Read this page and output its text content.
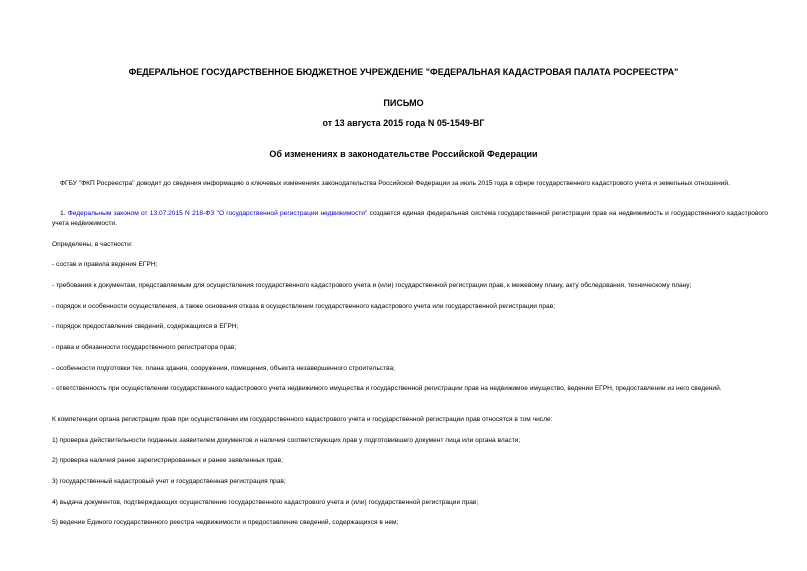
ФЕДЕРАЛЬНОЕ ГОСУДАРСТВЕННОЕ БЮДЖЕТНОЕ УЧРЕЖДЕНИЕ "ФЕДЕРАЛЬНАЯ КАДАСТРОВАЯ ПАЛАТА РОСРЕЕСТРА"
ПИСЬМО
от 13 августа 2015 года N 05-1549-ВГ
Об изменениях в законодательстве Российской Федерации
ФГБУ "ФКП Росреестра" доводит до сведения информацию о ключевых изменениях законодательства Российской Федерации за июль 2015 года в сфере государственного кадастрового учета и земельных отношений.
1. Федеральным законом от 13.07.2015 N 218-ФЗ "О государственной регистрации недвижимости" создается единая федеральная система государственной регистрации прав на недвижимость и государственного кадастрового учета недвижимости.
Определены, в частности:
- состав и правила ведения ЕГРН;
- требования к документам, представляемым для осуществления государственного кадастрового учета и (или) государственной регистрации прав, к межевому плану, акту обследования, техническому плану;
- порядок и особенности осуществления, а также основания отказа в осуществлении государственного кадастрового учета или государственной регистрации прав;
- порядок предоставления сведений, содержащихся в ЕГРН;
- права и обязанности государственного регистратора прав;
- особенности подготовки тех. плана здания, сооружения, помещения, объекта незавершенного строительства;
- ответственность при осуществлении государственного кадастрового учета недвижимого имущества и государственной регистрации прав на недвижимое имущество, ведении ЕГРН, предоставлении из него сведений.
К компетенции органа регистрации прав при осуществлении им государственного кадастрового учета и государственной регистрации прав относятся в том числе:
1) проверка действительности поданных заявителем документов и наличия соответствующих прав у подготовившего документ лица или органа власти;
2) проверка наличия ранее зарегистрированных и ранее заявленных прав;
3) государственный кадастровый учет и государственная регистрация прав;
4) выдача документов, подтверждающих осуществление государственного кадастрового учета и (или) государственной регистрации прав;
5) ведение Единого государственного реестра недвижимости и предоставление сведений, содержащихся в нем;
